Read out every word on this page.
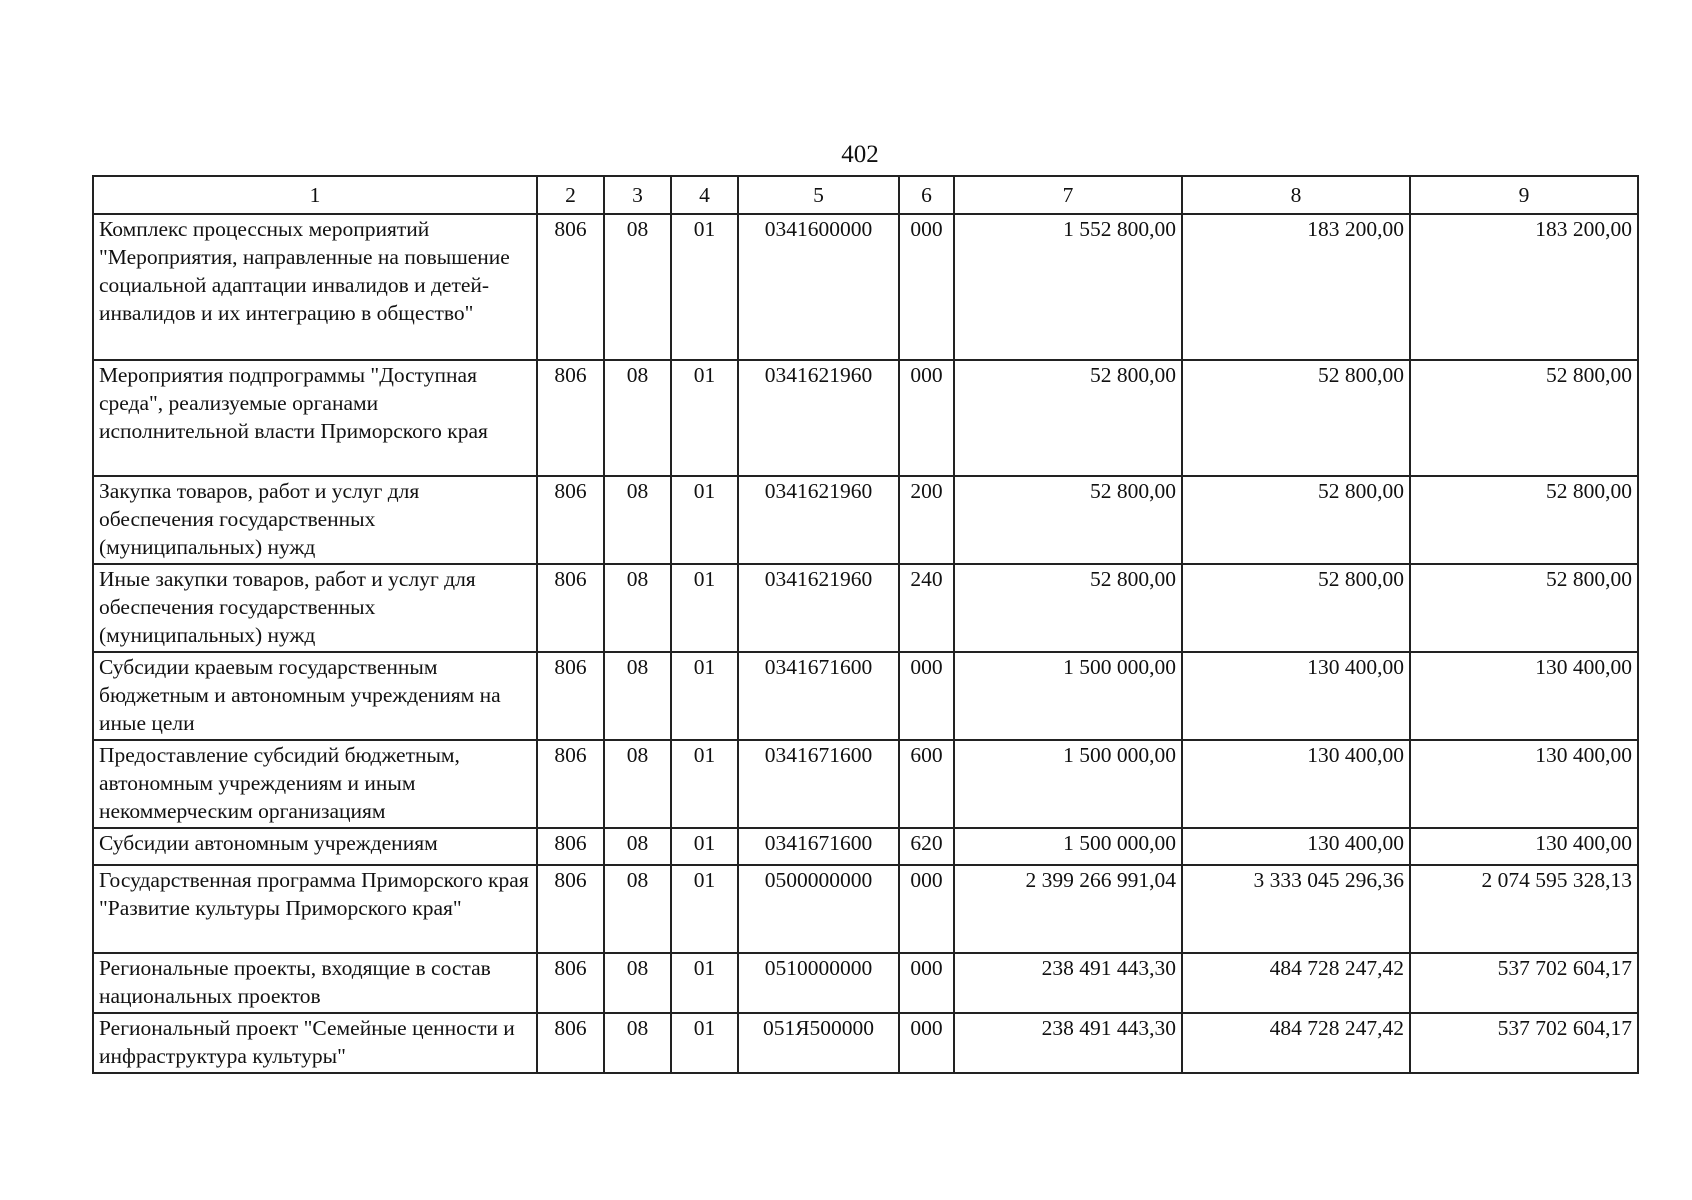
402
1	2	3	4	5	6	7	8	9
Комплекс процессных мероприятий "Мероприятия, направленные на повышение социальной адаптации инвалидов и детей-инвалидов и их интеграцию в общество"	806	08	01	0341600000	000	1 552 800,00	183 200,00	183 200,00
Мероприятия подпрограммы "Доступная среда", реализуемые органами исполнительной власти Приморского края	806	08	01	0341621960	000	52 800,00	52 800,00	52 800,00
Закупка товаров, работ и услуг для обеспечения государственных (муниципальных) нужд	806	08	01	0341621960	200	52 800,00	52 800,00	52 800,00
Иные закупки товаров, работ и услуг для обеспечения государственных (муниципальных) нужд	806	08	01	0341621960	240	52 800,00	52 800,00	52 800,00
Субсидии краевым государственным бюджетным и автономным учреждениям на иные цели	806	08	01	0341671600	000	1 500 000,00	130 400,00	130 400,00
Предоставление субсидий бюджетным, автономным учреждениям и иным некоммерческим организациям	806	08	01	0341671600	600	1 500 000,00	130 400,00	130 400,00
Субсидии автономным учреждениям	806	08	01	0341671600	620	1 500 000,00	130 400,00	130 400,00
Государственная программа Приморского края "Развитие культуры Приморского края"	806	08	01	0500000000	000	2 399 266 991,04	3 333 045 296,36	2 074 595 328,13
Региональные проекты, входящие в состав национальных проектов	806	08	01	0510000000	000	238 491 443,30	484 728 247,42	537 702 604,17
Региональный проект "Семейные ценности и инфраструктура культуры"	806	08	01	051Я500000	000	238 491 443,30	484 728 247,42	537 702 604,17
